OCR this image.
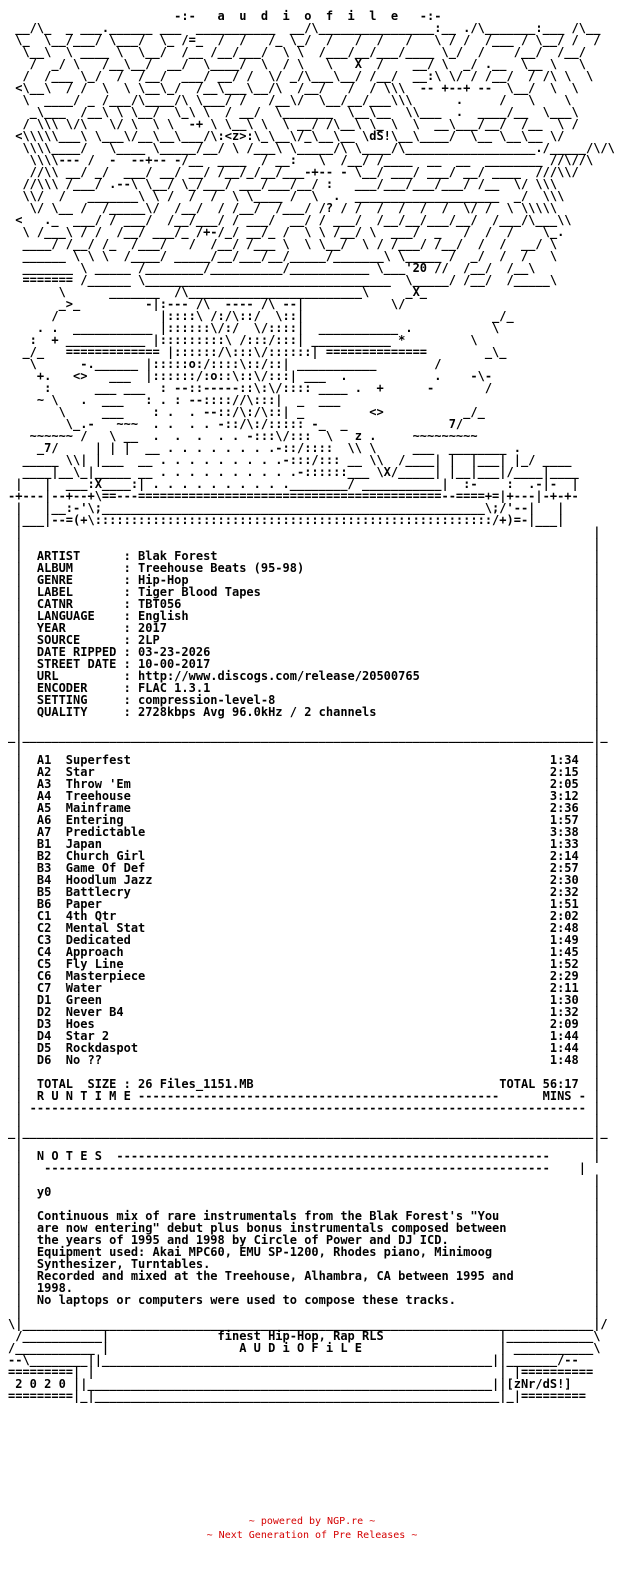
-:-   a  u  d  i  o  f  i  l  e   -:-
__/\_  _ ___.______ ___  ___________  __/\________________:__ ./\_______:___ /\__
\_  \__/___/ \___/  \_ /=_  /  /   /_ \_/  /   /  /   /   \ / /  /___ / \__/ /  /
\__\  \ ____ \  \__/  /__ /__/___/  \ \  /___/__/___/____ \_/  /    /__/  /__/
/  _/ \   /__\__/  __/  \____/  \  / \   \   X  /    __/ \  _/ .__  \__ \   \
/  /___ \_/  /  /__/  ___/ __/ /  \/ _/\___\__/ /__/  __:\ \/ / /__/  / /\ \  \
<\__\  / /  \  \ \__\_/  /__\___\__/\  /__/   /  / \\\  -- +--+ --  \__/  \  \
\  ____/ _ /___/\____/\ \___/ /   /__\/  \__/__/___\\\      .     /   \    \
_\___  /__\ \ \__/  \_\ \  / __/  \_______  \__\__  \\___  .  ____/__  \___\
/ \\\ \/\   \/ \  \ \  -+ \ \__\ \  \ __/ /\__\ \_ \  \  __\___/__/  /__  \ /
<\\\\\___\ \___\/__\__\___/\:<z>:\_\__\/_\__\__ \dS!\__\____/  \__ \__\__ \/
\\\\____/   \____ \_____/__/ \ /___\ \_____/\ \____/\__________________./_____/\/\
\\\\--- /  -  --+-- -/__  ____  / __:   \  /__/ /____  __  __  ________ //\//\
//\\ __/ _/  ___/ __/ __/ /__/_/__/___-+-- - \__/ ___/ ___/ __/ ____  ///\\/
//\\\ /___/ .--\ \__/ \_/___/ ___/___/__/ :   ___/___/___/___/ /__  \/ \\\
\\/  /   _______\ \ /  /  /  \ \____ /  \  .  ____________________  _/  \\\
\/ \__ /  /_____\/  /__/  / /__/  /___/ /? / /  /  /  /  /  \/ /  \ \\\\\
<   ._  ___/ / ___/  /__/___/ / ___/  __/ / ___/  /__/__/___/__/  /___/\___\\
\ /___\ / /  /__/ ___/_ /+-/_/ __/_ /  \ \ /__/ \  ___/  _   /  /  /    \_.
____/ /__/ /_  /___/   /  /__/ /___ \  \ \__/  \ / /___/ /__/  /  /  __/ \
______ \ \ \  /____/ _____/__/___/__/_____/_______\ \_____ /  _/  /  /   \
_______ \ _____ /________/__________/___________ \___'20 //  /__/  /__\
======= /______ \__________________________________  \_____/ /__/  /_____\
\      _______  /\________________________\     _X_
_>_         -|:--- /\  ---- /\ --|            \/
/              |::::\ /:/\::/  \::|                          _/_
. .  ___________ |::::::\/:/  \/::::|  ___________ .           \
:  + ___________ |:::::::::\ /:::/:::| ___________ *         \
_/_   ============= |::::::/\:::\/::::::| ==============        _\_
\      -.______ |:::::o:/::::\::/::| ___________        /
+.   <>   ___  |::::::/:o::\::\/:::| ___  .            .    -\-
:      ___ ___  : --::-----::\:\/:::: ____ .  +      -       /
~ \   .  ___   : . : --:::://\:::|  _  ___
\     ___    : .  . --::/\:/\::| _         <>           _/_
\_.-   ~~~  . .  . . -::/\:/::::: -_  _              7/
~~~~~~ /   \ __  .  .  .  . . -:::\/:::  \   z .     ~~~~~~~~~
_7/     | | |  __ . . . . . . . .-::/::::  \\ \     ___  ________ .
_____ \\| |___  __ . . . . . . . . .-:::/::: __ \\  /____| |  |___| |_/ ____
____|__\_|_____ __ . . . . . . . . . .-::::::___ \X/_____| |__|___|/____|____
|   |  ___:X____:| . . . . . . . . . .________/ ___________|  :-    :  .-|-  |
-+---|--+--+\==---==========================================--====+=|+---|-+-+-
|   |__:-'\;_____________________________________________________\;/'--|   |
|___|--=(+\:::::::::::::::::::::::::::::::::::::::::::::::::::::::/+)=-|___|
|                                                                               |
|                                                                               |
|  ARTIST      : Blak Forest                                                    |
|  ALBUM       : Treehouse Beats (95-98)                                        |
|  GENRE       : Hip-Hop                                                        |
|  LABEL       : Tiger Blood Tapes                                              |
|  CATNR       : TBT056                                                         |
|  LANGUAGE    : English                                                        |
|  YEAR        : 2017                                                           |
|  SOURCE      : 2LP                                                            |
|  DATE RIPPED : 03-23-2026                                                     |
|  STREET DATE : 10-00-2017                                                     |
|  URL         : http://www.discogs.com/release/20500765                        |
|  ENCODER     : FLAC 1.3.1                                                     |
|  SETTING     : compression-level-8                                            |
|  QUALITY     : 2728kbps Avg 96.0kHz / 2 channels                              |
|                                                                               |
_|_______________________________________________________________________________|_
|                                                                               |
|  A1  Superfest                                                          1:34  |
|  A2  Star                                                               2:15  |
|  A3  Throw 'Em                                                          2:05  |
|  A4  Treehouse                                                          3:12  |
|  A5  Mainframe                                                          2:36  |
|  A6  Entering                                                           1:57  |
|  A7  Predictable                                                        3:38  |
|  B1  Japan                                                              1:33  |
|  B2  Church Girl                                                        2:14  |
|  B3  Game Of Def                                                        2:57  |
|  B4  Hoodlum Jazz                                                       2:30  |
|  B5  Battlecry                                                          2:32  |
|  B6  Paper                                                              1:51  |
|  C1  4th Qtr                                                            2:02  |
|  C2  Mental Stat                                                        2:48  |
|  C3  Dedicated                                                          1:49  |
|  C4  Approach                                                           1:45  |
|  C5  Fly Line                                                           1:52  |
|  C6  Masterpiece                                                        2:29  |
|  C7  Water                                                              2:11  |
|  D1  Green                                                              1:30  |
|  D2  Never B4                                                           1:32  |
|  D3  Hoes                                                               2:09  |
|  D4  Star 2                                                             1:44  |
|  D5  Rockdaspot                                                         1:44  |
|  D6  No ??                                                              1:48  |
|                                                                               |
|  TOTAL  SIZE : 26 Files_1151.MB                                  TOTAL 56:17  |
|  R U N T I M E --------------------------------------------------      MINS - |
| ----------------------------------------------------------------------------- |
|                                                                               |
_|_______________________________________________________________________________|_
|                                                                               |
|  N O T E S  ------------------------------------------------------------      |
|   ----------------------------------------------------------------------    |
|                                                                               |
|  y0                                                                           |
|                                                                               |
|  Continuous mix of rare instrumentals from the Blak Forest's "You             |
|  are now entering" debut plus bonus instrumentals composed between            |
|  the years of 1995 and 1998 by Circle of Power and DJ ICD.                    |
|  Equipment used: Akai MPC60, EMU SP-1200, Rhodes piano, Minimoog              |
|  Synthesizer, Turntables.                                                     |
|  Recorded and mixed at the Treehouse, Alhambra, CA between 1995 and           |
|  1998.                                                                        |
|  No laptops or computers were used to compose these tracks.                   |
|                                                                               |
\|_______________________________________________________________________________|/
/___________|               finest Hip-Hop, Rap RLS                |____________\
/___________ |                  A U D i O F i L E                   | ___________\
--\________||______________________________________________________||_______/--
=========| |                                                        | |==========
2 0 2 0 ||________________________________________________________||[zNr/dS!]
=========|_|________________________________________________________|_|=========
~ powered by NGP.re ~
~ Next Generation of Pre Releases ~
